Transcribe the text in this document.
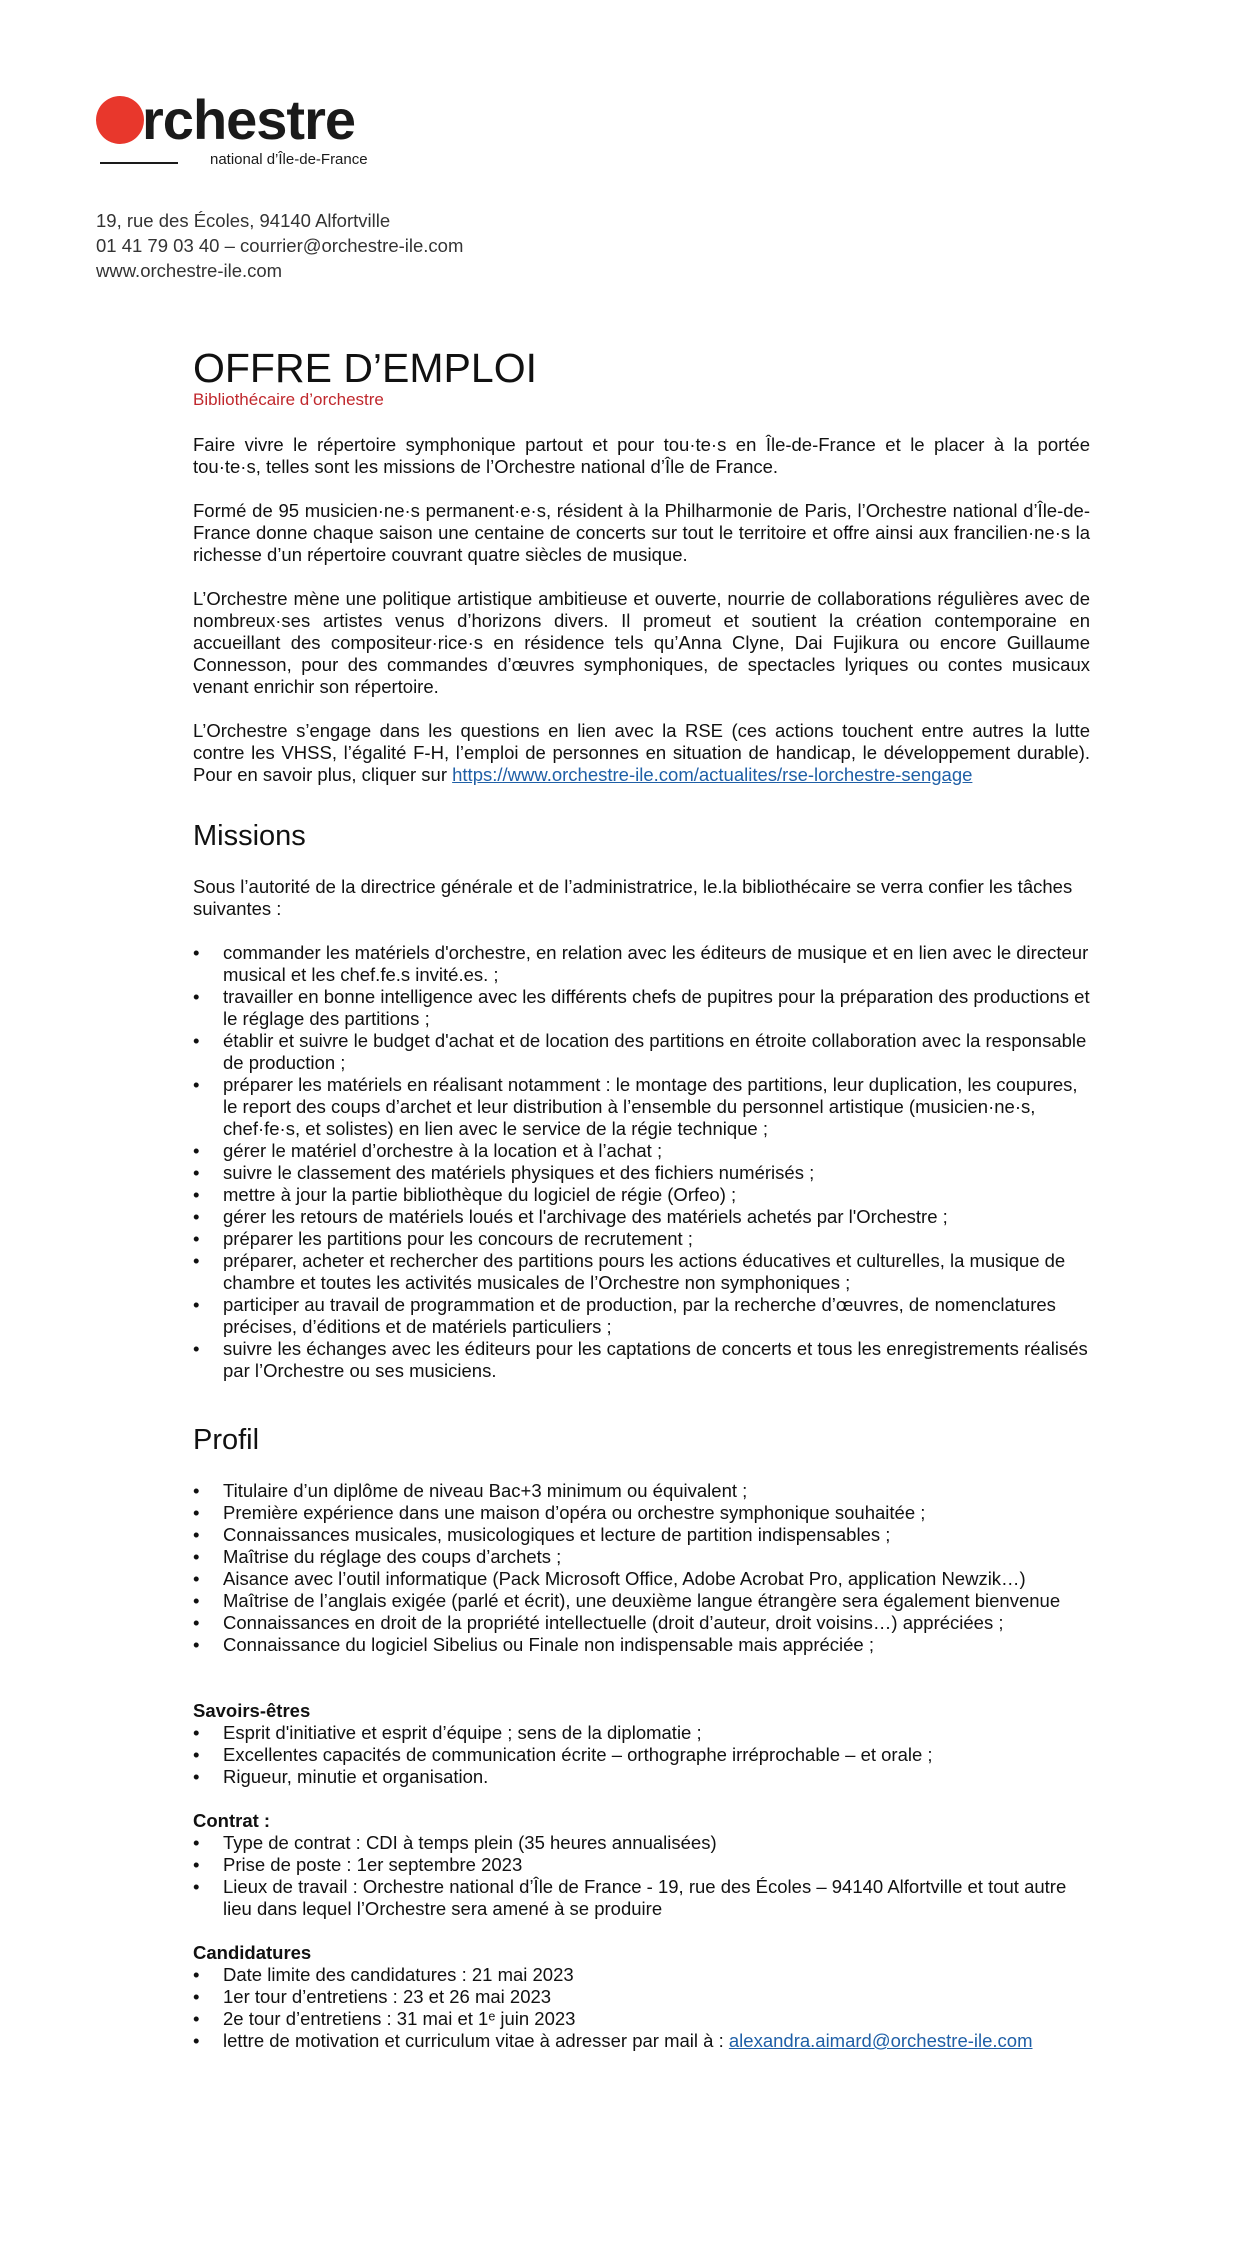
rchestre
national d’Île-de-France
19, rue des Écoles, 94140 Alfortville
01 41 79 03 40 – courrier@orchestre-ile.com
www.orchestre-ile.com
OFFRE D’EMPLOI

Bibliothécaire d’orchestre

Faire vivre le répertoire symphonique partout et pour tou·te·s en Île-de-France et le placer à la portée tou·te·s, telles sont les missions de l’Orchestre national d’Île de France.

Formé de 95 musicien·ne·s permanent·e·s, résident à la Philharmonie de Paris, l’Orchestre national d’Île-de-France donne chaque saison une centaine de concerts sur tout le territoire et offre ainsi aux francilien·ne·s la richesse d’un répertoire couvrant quatre siècles de musique.

L’Orchestre mène une politique artistique ambitieuse et ouverte, nourrie de collaborations régulières avec de nombreux·ses artistes venus d’horizons divers. Il promeut et soutient la création contemporaine en accueillant des compositeur·rice·s en résidence tels qu’Anna Clyne, Dai Fujikura ou encore Guillaume Connesson, pour des commandes d’œuvres symphoniques, de spectacles lyriques ou contes musicaux venant enrichir son répertoire.

L’Orchestre s’engage dans les questions en lien avec la RSE (ces actions touchent entre autres la lutte contre les VHSS, l’égalité F-H, l’emploi de personnes en situation de handicap, le développement durable). Pour en savoir plus, cliquer sur https://www.orchestre-ile.com/actualites/rse-lorchestre-sengage

Missions

Sous l’autorité de la directrice générale et de l’administratrice, le.la bibliothécaire se verra confier les tâches suivantes :

• commander les matériels d'orchestre, en relation avec les éditeurs de musique et en lien avec le directeur musical et les chef.fe.s invité.es. ;
• travailler en bonne intelligence avec les différents chefs de pupitres pour la préparation des productions et le réglage des partitions ;
• établir et suivre le budget d'achat et de location des partitions en étroite collaboration avec la responsable de production ;
• préparer les matériels en réalisant notamment : le montage des partitions, leur duplication, les coupures, le report des coups d’archet et leur distribution à l’ensemble du personnel artistique (musicien·ne·s, chef·fe·s, et solistes) en lien avec le service de la régie technique ;
• gérer le matériel d’orchestre à la location et à l’achat ;
• suivre le classement des matériels physiques et des fichiers numérisés ;
• mettre à jour la partie bibliothèque du logiciel de régie (Orfeo) ;
• gérer les retours de matériels loués et l'archivage des matériels achetés par l'Orchestre ;
• préparer les partitions pour les concours de recrutement ;
• préparer, acheter et rechercher des partitions pours les actions éducatives et culturelles, la musique de chambre et toutes les activités musicales de l’Orchestre non symphoniques ;
• participer au travail de programmation et de production, par la recherche d’œuvres, de nomenclatures précises, d’éditions et de matériels particuliers ;
• suivre les échanges avec les éditeurs pour les captations de concerts et tous les enregistrements réalisés par l’Orchestre ou ses musiciens.
Profil
• Titulaire d’un diplôme de niveau Bac+3 minimum ou équivalent ;
• Première expérience dans une maison d’opéra ou orchestre symphonique souhaitée ;
• Connaissances musicales, musicologiques et lecture de partition indispensables ;
• Maîtrise du réglage des coups d’archets ;
• Aisance avec l’outil informatique (Pack Microsoft Office, Adobe Acrobat Pro, application Newzik…)
• Maîtrise de l’anglais exigée (parlé et écrit), une deuxième langue étrangère sera également bienvenue
• Connaissances en droit de la propriété intellectuelle (droit d’auteur, droit voisins…) appréciées ;
• Connaissance du logiciel Sibelius ou Finale non indispensable mais appréciée ;

Savoirs-êtres

• Esprit d'initiative et esprit d’équipe ; sens de la diplomatie ;
• Excellentes capacités de communication écrite – orthographe irréprochable – et orale ;
• Rigueur, minutie et organisation.

Contrat :

• Type de contrat : CDI à temps plein (35 heures annualisées)
• Prise de poste : 1er septembre 2023
• Lieux de travail : Orchestre national d’Île de France - 19, rue des Écoles – 94140 Alfortville et tout autre lieu dans lequel l’Orchestre sera amené à se produire

Candidatures

• Date limite des candidatures : 21 mai 2023
• 1er tour d’entretiens : 23 et 26 mai 2023
• 2e tour d’entretiens : 31 mai et 1ᵉ juin 2023
• lettre de motivation et curriculum vitae à adresser par mail à : alexandra.aimard@orchestre-ile.com
